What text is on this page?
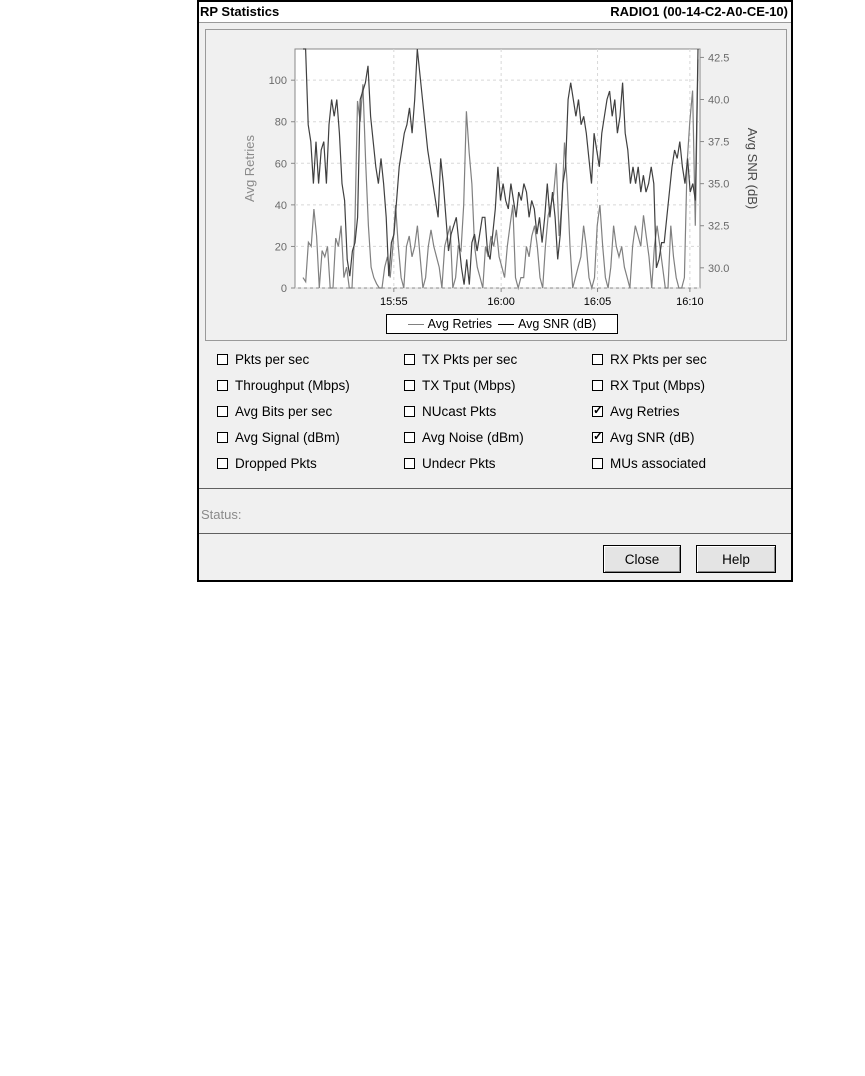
RP Statistics	RADIO1 (00-14-C2-A0-CE-10)
0
20
40
60
80
100
30.0
32.5
35.0
37.5
40.0
42.5
15:55	16:00	16:05	16:10
Avg Retries	Avg SNR (dB)
Avg Retries Avg SNR (dB)
Pkts per sec	TX Pkts per sec	RX Pkts per sec
Throughput (Mbps)	TX Tput (Mbps)	RX Tput (Mbps)
Avg Bits per sec	NUcast Pkts ✓	Avg Retries
Avg Signal (dBm)	Avg Noise (dBm) ✓	Avg SNR (dB)
Dropped Pkts	Undecr Pkts	MUs associated
Status:
Close	Help
